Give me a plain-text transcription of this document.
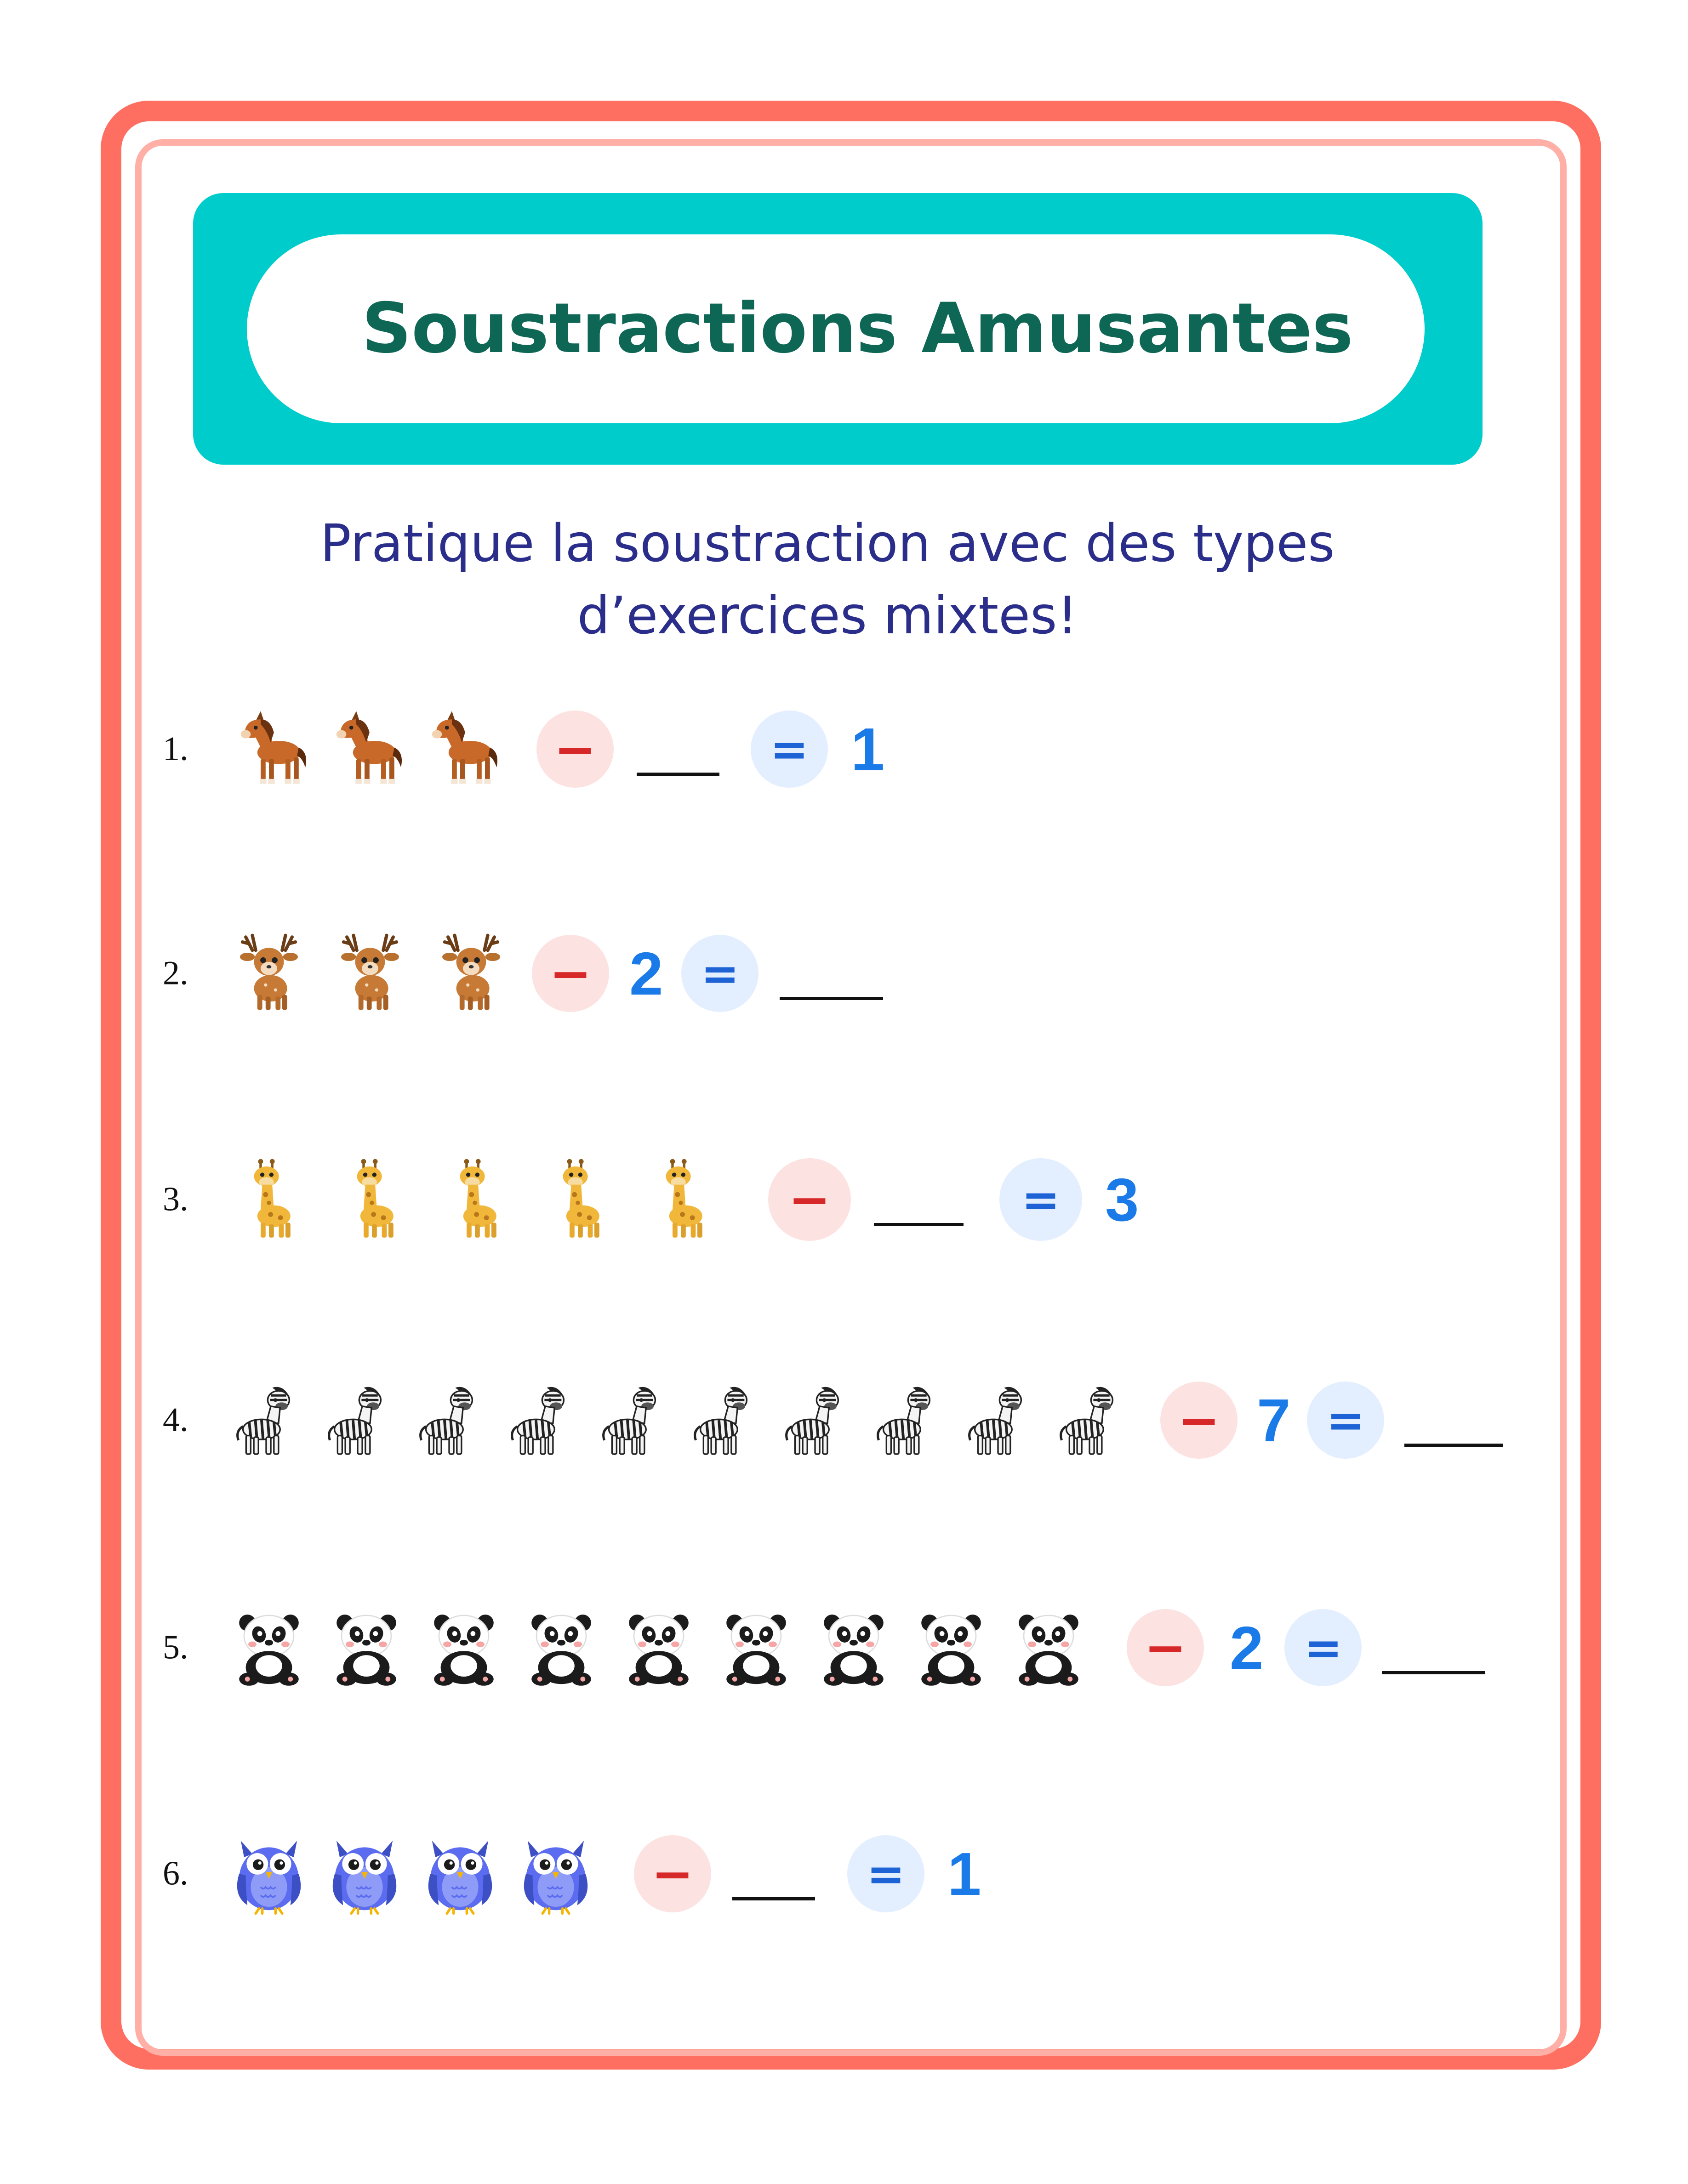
Soustractions Amusantes
Pratique la soustraction avec des types
d’exercices mixtes!
1.	−	= 1
2.	− 2 =
3.	−	= 3
4.	− 7 =
5.	− 2 =
6.	−	= 1
